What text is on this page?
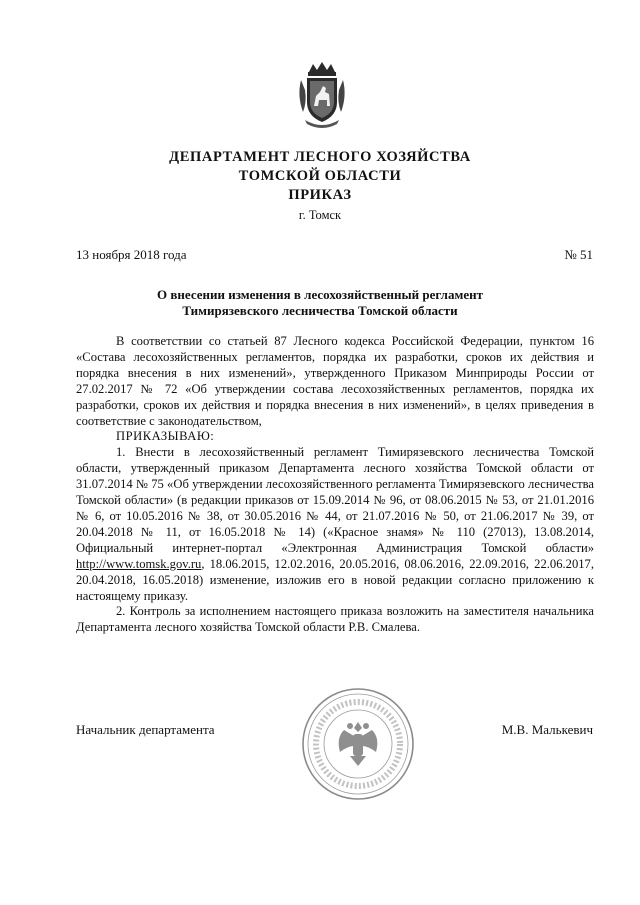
ДЕПАРТАМЕНТ ЛЕСНОГО ХОЗЯЙСТВА
ТОМСКОЙ ОБЛАСТИ
ПРИКАЗ
г. Томск
13 ноября 2018 года	№ 51
О внесении изменения в лесохозяйственный регламент
Тимирязевского лесничества Томской области

В соответствии со статьей 87 Лесного кодекса Российской Федерации, пунктом 16 «Состава лесохозяйственных регламентов, порядка их разработки, сроков их действия и порядка внесения в них изменений», утвержденного Приказом Минприроды России от 27.02.2017 № 72 «Об утверждении состава лесохозяйственных регламентов, порядка их разработки, сроков их действия и порядка внесения в них изменений», в целях приведения в соответствие с законодательством,

ПРИКАЗЫВАЮ:

1. Внести в лесохозяйственный регламент Тимирязевского лесничества Томской области, утвержденный приказом Департамента лесного хозяйства Томской области от 31.07.2014 № 75 «Об утверждении лесохозяйственного регламента Тимирязевского лесничества Томской области» (в редакции приказов от 15.09.2014 № 96, от 08.06.2015 № 53, от 21.01.2016 № 6, от 10.05.2016 № 38, от 30.05.2016 № 44, от 21.07.2016 № 50, от 21.06.2017 № 39, от 20.04.2018 № 11, от 16.05.2018 № 14) («Красное знамя» № 110 (27013), 13.08.2014, Официальный интернет-портал «Электронная Администрация Томской области» http://www.tomsk.gov.ru, 18.06.2015, 12.02.2016, 20.05.2016, 08.06.2016, 22.09.2016, 22.06.2017, 20.04.2018, 16.05.2018) изменение, изложив его в новой редакции согласно приложению к настоящему приказу.

2. Контроль за исполнением настоящего приказа возложить на заместителя начальника Департамента лесного хозяйства Томской области Р.В. Смалева.

Начальник департамента	М.В. Малькевич
